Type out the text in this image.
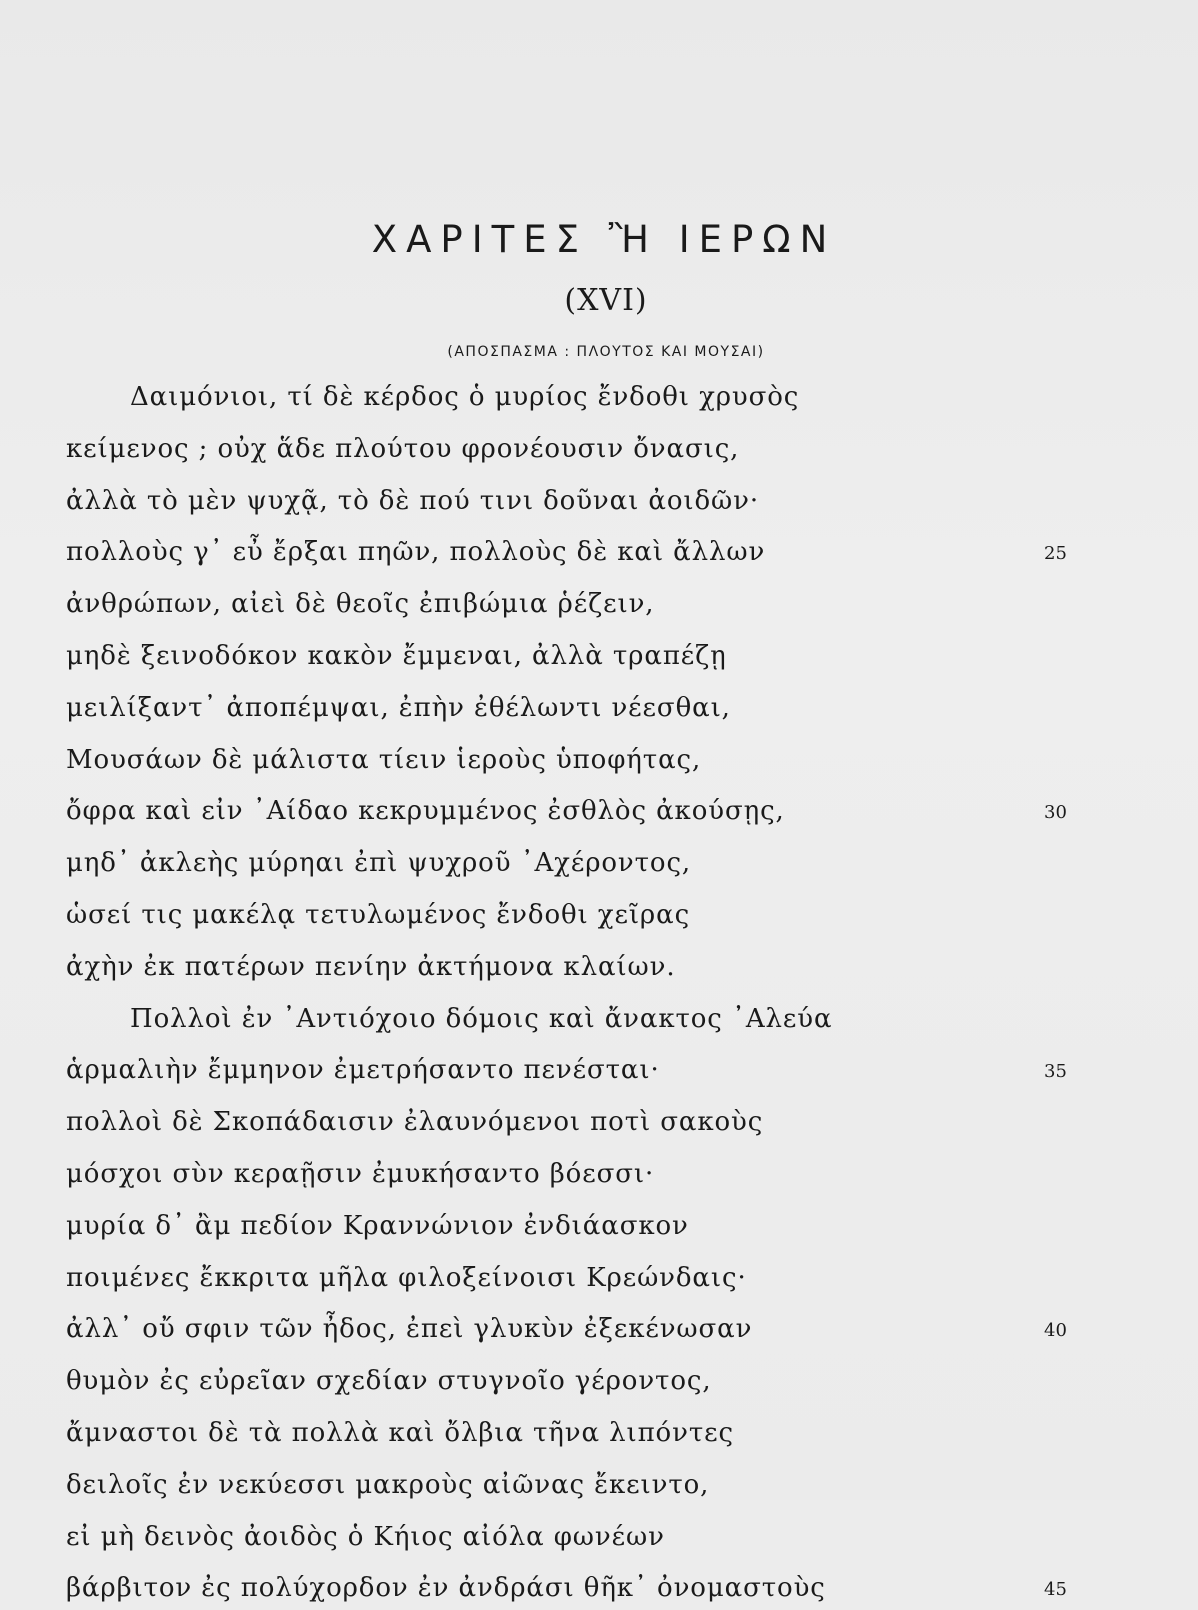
ΧΑΡΙΤΕΣ Ἢ ΙΕΡΩΝ
(XVI)
(ΑΠΟΣΠΑΣΜΑ : ΠΛΟΥΤΟΣ ΚΑΙ ΜΟΥΣΑΙ)
Δαιμόνιοι, τί δὲ κέρδος ὁ μυρίος ἔνδοθι χρυσὸς
κείμενος ; οὐχ ἅδε πλούτου φρονέουσιν ὄνασις,
ἀλλὰ τὸ μὲν ψυχᾷ, τὸ δὲ πού τινι δοῦναι ἀοιδῶν·
πολλοὺς γ᾽ εὖ ἔρξαι πηῶν, πολλοὺς δὲ καὶ ἄλλων	25
ἀνθρώπων, αἰεὶ δὲ θεοῖς ἐπιβώμια ῥέζειν,
μηδὲ ξεινοδόκον κακὸν ἔμμεναι, ἀλλὰ τραπέζῃ
μειλίξαντ᾽ ἀποπέμψαι, ἐπὴν ἐθέλωντι νέεσθαι,
Μουσάων δὲ μάλιστα τίειν ἱεροὺς ὑποφήτας,
ὄφρα καὶ εἰν ᾽Αίδαο κεκρυμμένος ἐσθλὸς ἀκούσῃς,	30
μηδ᾽ ἀκλεὴς μύρηαι ἐπὶ ψυχροῦ ᾽Αχέροντος,
ὡσεί τις μακέλᾳ τετυλωμένος ἔνδοθι χεῖρας
ἀχὴν ἐκ πατέρων πενίην ἀκτήμονα κλαίων.
Πολλοὶ ἐν ᾽Αντιόχοιο δόμοις καὶ ἄνακτος ᾽Αλεύα
ἁρμαλιὴν ἔμμηνον ἐμετρήσαντο πενέσται·	35
πολλοὶ δὲ Σκοπάδαισιν ἐλαυνόμενοι ποτὶ σακοὺς
μόσχοι σὺν κεραῇσιν ἐμυκήσαντο βόεσσι·
μυρία δ᾽ ἂμ πεδίον Κραννώνιον ἐνδιάασκον
ποιμένες ἔκκριτα μῆλα φιλοξείνοισι Κρεώνδαις·
ἀλλ᾽ οὔ σφιν τῶν ἦδος, ἐπεὶ γλυκὺν ἐξεκένωσαν	40
θυμὸν ἐς εὐρεῖαν σχεδίαν στυγνοῖο γέροντος,
ἄμναστοι δὲ τὰ πολλὰ καὶ ὄλβια τῆνα λιπόντες
δειλοῖς ἐν νεκύεσσι μακροὺς αἰῶνας ἔκειντο,
εἰ μὴ δεινὸς ἀοιδὸς ὁ Κήιος αἰόλα φωνέων
βάρβιτον ἐς πολύχορδον ἐν ἀνδράσι θῆκ᾽ ὀνομαστοὺς	45
